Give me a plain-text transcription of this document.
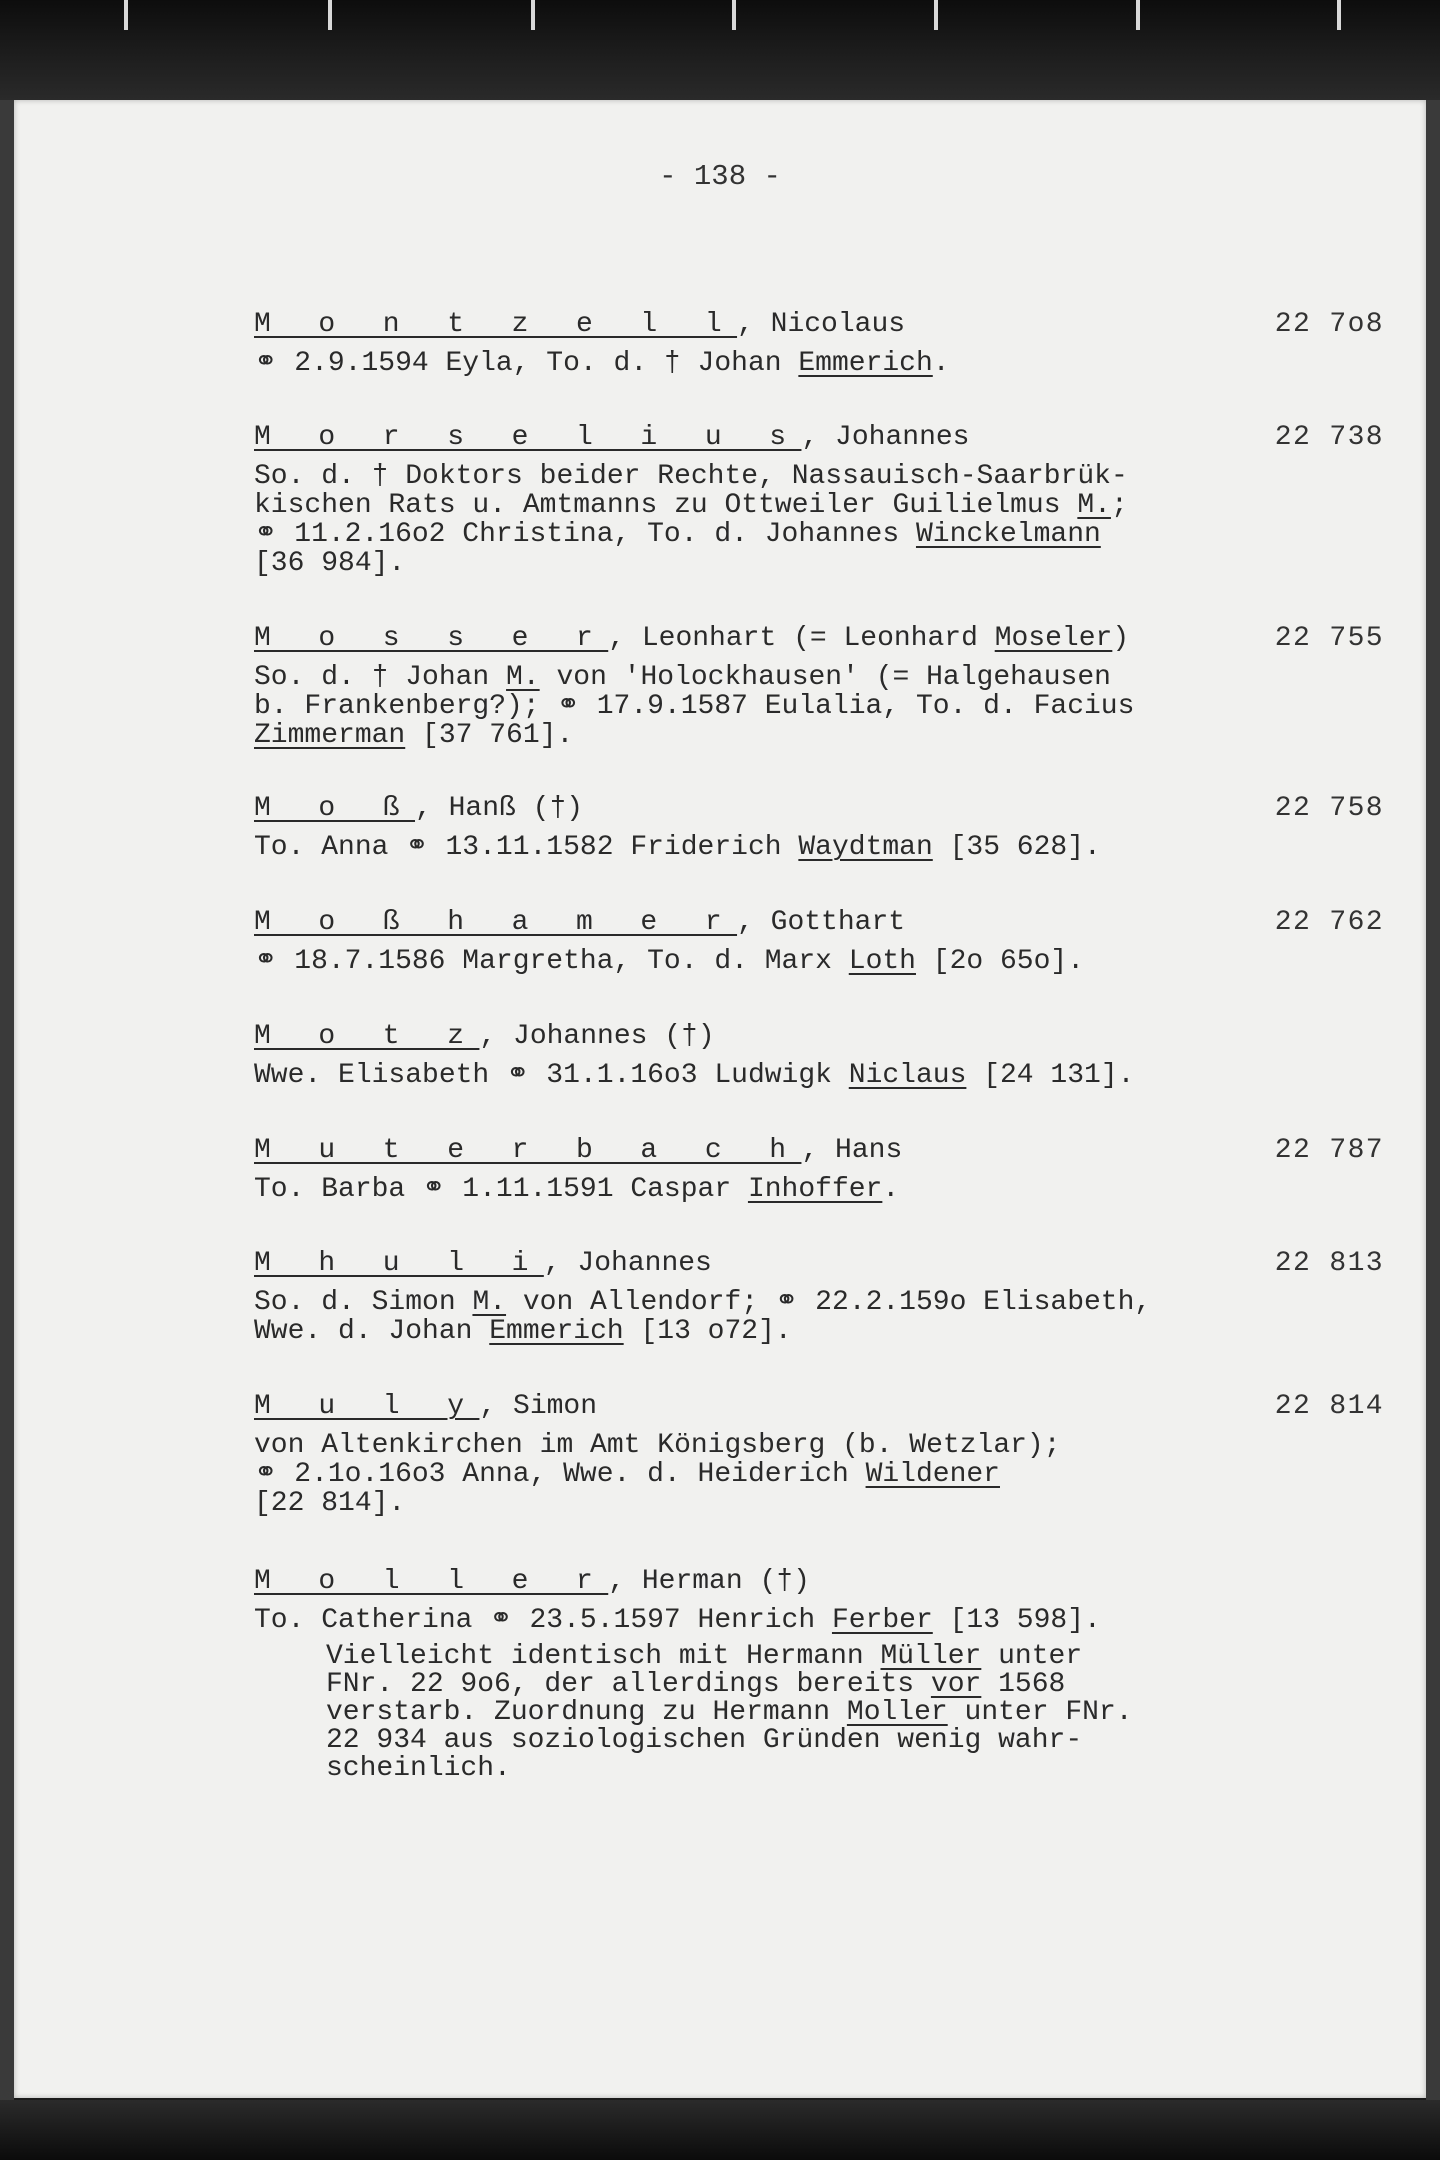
- 138 -
M o n t z e l l, Nicolaus	22 7o8
⚭ 2.9.1594 Eyla, To. d. † Johan Emmerich.
M o r s e l i u s, Johannes	22 738
So. d. † Doktors beider Rechte, Nassauisch-Saarbrük-
kischen Rats u. Amtmanns zu Ottweiler Guilielmus M.;
⚭ 11.2.16o2 Christina, To. d. Johannes Winckelmann
[36 984].
M o s s e r, Leonhart (= Leonhard Moseler)	22 755
So. d. † Johan M. von 'Holockhausen' (= Halgehausen
b. Frankenberg?); ⚭ 17.9.1587 Eulalia, To. d. Facius
Zimmerman [37 761].
M o ß, Hanß (†)	22 758
To. Anna ⚭ 13.11.1582 Friderich Waydtman [35 628].
M o ß h a m e r, Gotthart	22 762
⚭ 18.7.1586 Margretha, To. d. Marx Loth [2o 65o].
M o t z, Johannes (†)
Wwe. Elisabeth ⚭ 31.1.16o3 Ludwigk Niclaus [24 131].
M u t e r b a c h, Hans	22 787
To. Barba ⚭ 1.11.1591 Caspar Inhoffer.
M h u l i, Johannes	22 813
So. d. Simon M. von Allendorf; ⚭ 22.2.159o Elisabeth,
Wwe. d. Johan Emmerich [13 o72].
M u l y, Simon	22 814
von Altenkirchen im Amt Königsberg (b. Wetzlar);
⚭ 2.1o.16o3 Anna, Wwe. d. Heiderich Wildener
[22 814].
M o l l e r, Herman (†)
To. Catherina ⚭ 23.5.1597 Henrich Ferber [13 598].
Vielleicht identisch mit Hermann Müller unter
FNr. 22 9o6, der allerdings bereits vor 1568
verstarb. Zuordnung zu Hermann Moller unter FNr.
22 934 aus soziologischen Gründen wenig wahr-
scheinlich.
